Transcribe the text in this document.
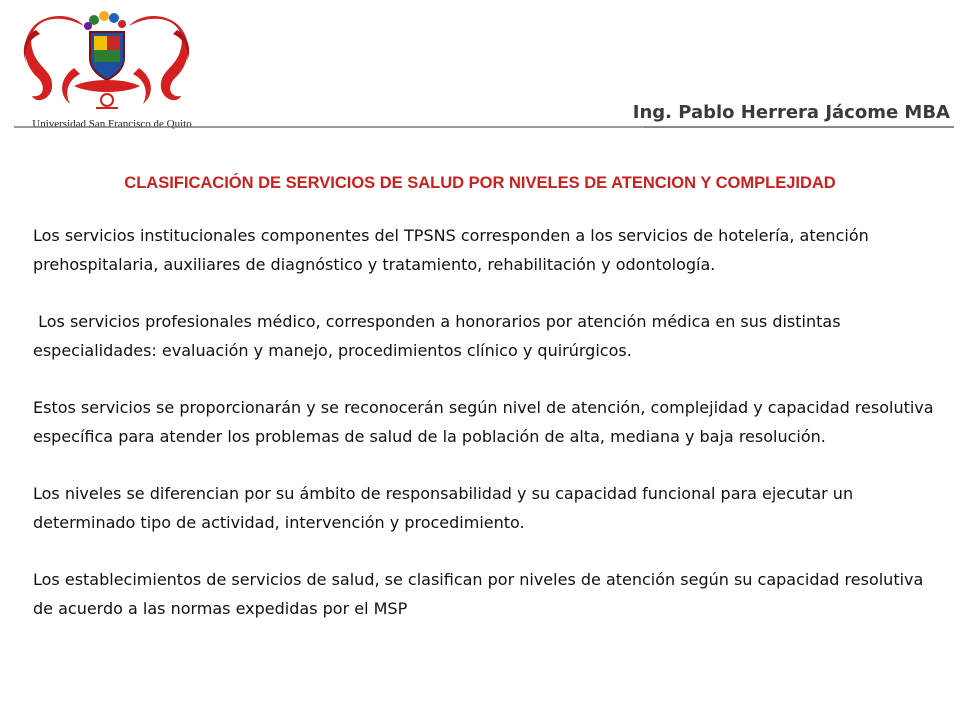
Universidad San Francisco de Quito
Ing. Pablo Herrera Jácome MBA
CLASIFICACIÓN DE SERVICIOS DE SALUD POR NIVELES DE ATENCION Y COMPLEJIDAD

Los servicios institucionales componentes del TPSNS corresponden a los servicios de hotelería, atención prehospitalaria, auxiliares de diagnóstico y tratamiento, rehabilitación y odontología.

Los servicios profesionales médico, corresponden a honorarios por atención médica en sus distintas especialidades: evaluación y manejo, procedimientos clínico y quirúrgicos.

Estos servicios se proporcionarán y se reconocerán según nivel de atención, complejidad y capacidad resolutiva específica para atender los problemas de salud de la población de alta, mediana y baja resolución.

Los niveles se diferencian por su ámbito de responsabilidad y su capacidad funcional para ejecutar un determinado tipo de actividad, intervención y procedimiento.

Los establecimientos de servicios de salud, se clasifican por niveles de atención según su capacidad resolutiva de acuerdo a las normas expedidas por el MSP
